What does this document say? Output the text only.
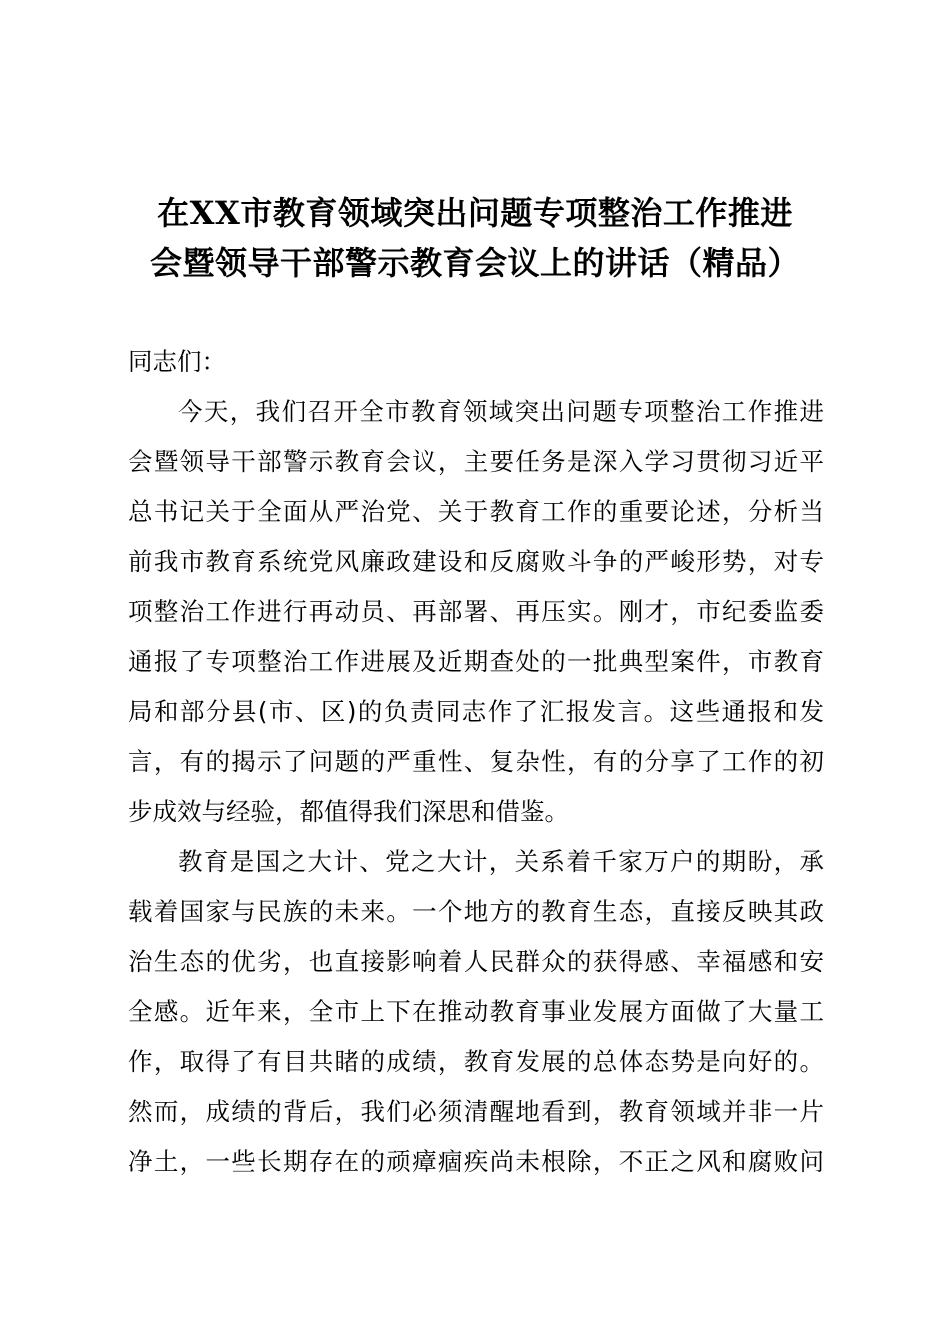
在XX市教育领域突出问题专项整治工作推进
会暨领导干部警示教育会议上的讲话（精品）
同志们：
今天，我们召开全市教育领域突出问题专项整治工作推进
会暨领导干部警示教育会议，主要任务是深入学习贯彻习近平
总书记关于全面从严治党、关于教育工作的重要论述，分析当
前我市教育系统党风廉政建设和反腐败斗争的严峻形势，对专
项整治工作进行再动员、再部署、再压实。刚才，市纪委监委
通报了专项整治工作进展及近期查处的一批典型案件，市教育
局和部分县(市、区)的负责同志作了汇报发言。这些通报和发
言，有的揭示了问题的严重性、复杂性，有的分享了工作的初
步成效与经验，都值得我们深思和借鉴。
教育是国之大计、党之大计，关系着千家万户的期盼，承
载着国家与民族的未来。一个地方的教育生态，直接反映其政
治生态的优劣，也直接影响着人民群众的获得感、幸福感和安
全感。近年来，全市上下在推动教育事业发展方面做了大量工
作，取得了有目共睹的成绩，教育发展的总体态势是向好的。
然而，成绩的背后，我们必须清醒地看到，教育领域并非一片
净土，一些长期存在的顽瘴痼疾尚未根除，不正之风和腐败问
